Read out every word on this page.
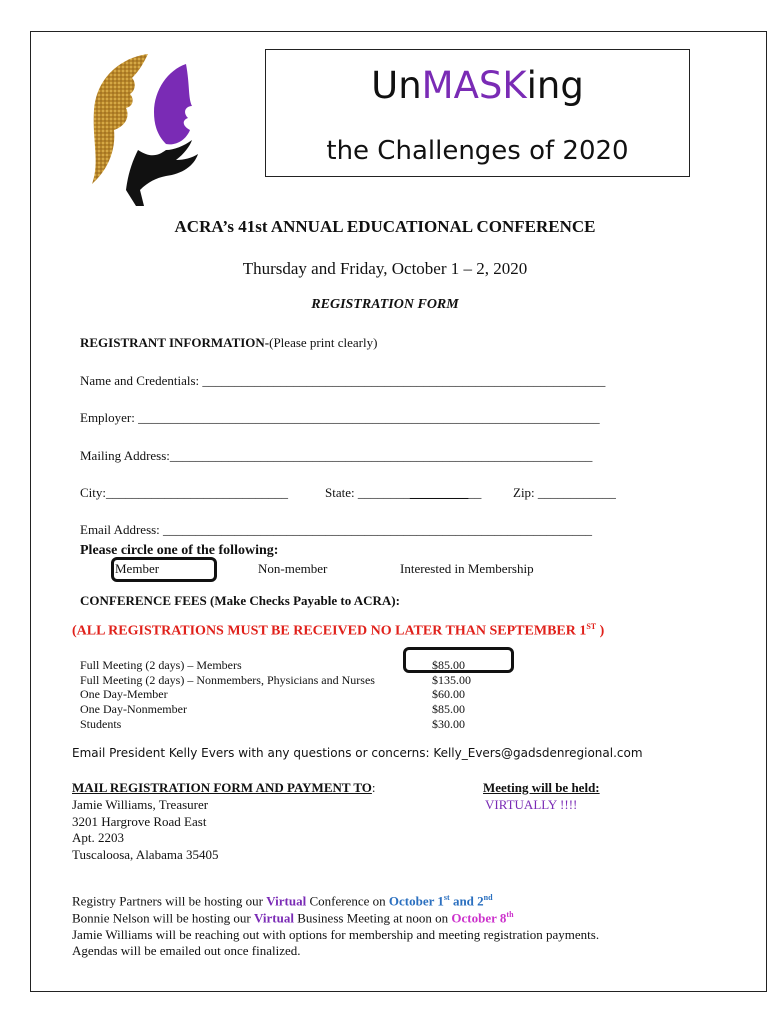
UnMASKing
the Challenges of 2020
ACRA’s 41st ANNUAL EDUCATIONAL CONFERENCE
Thursday and Friday, October 1 – 2, 2020
REGISTRATION FORM
REGISTRANT INFORMATION-(Please print clearly)
Name and Credentials: ______________________________________________________________
Employer: _______________________________________________________________________
Mailing Address:_________________________________________________________________
City:____________________________	State: ___________________ Zip: ____________
Email Address: __________________________________________________________________
Please circle one of the following:
Member	Non-member	Interested in Membership
CONFERENCE FEES (Make Checks Payable to ACRA):
(ALL REGISTRATIONS MUST BE RECEIVED NO LATER THAN SEPTEMBER 1ST )
Full Meeting (2 days) – Members	$85.00
Full Meeting (2 days) – Nonmembers, Physicians and Nurses	$135.00
One Day-Member	$60.00
One Day-Nonmember	$85.00
Students	$30.00
Email President Kelly Evers with any questions or concerns: Kelly_Evers@gadsdenregional.com
MAIL REGISTRATION FORM AND PAYMENT TO:
Jamie Williams, Treasurer
3201 Hargrove Road East
Apt. 2203
Tuscaloosa, Alabama 35405
Meeting will be held:
VIRTUALLY !!!!
Registry Partners will be hosting our Virtual Conference on October 1st and 2nd
Bonnie Nelson will be hosting our Virtual Business Meeting at noon on October 8th
Jamie Williams will be reaching out with options for membership and meeting registration payments.
Agendas will be emailed out once finalized.
